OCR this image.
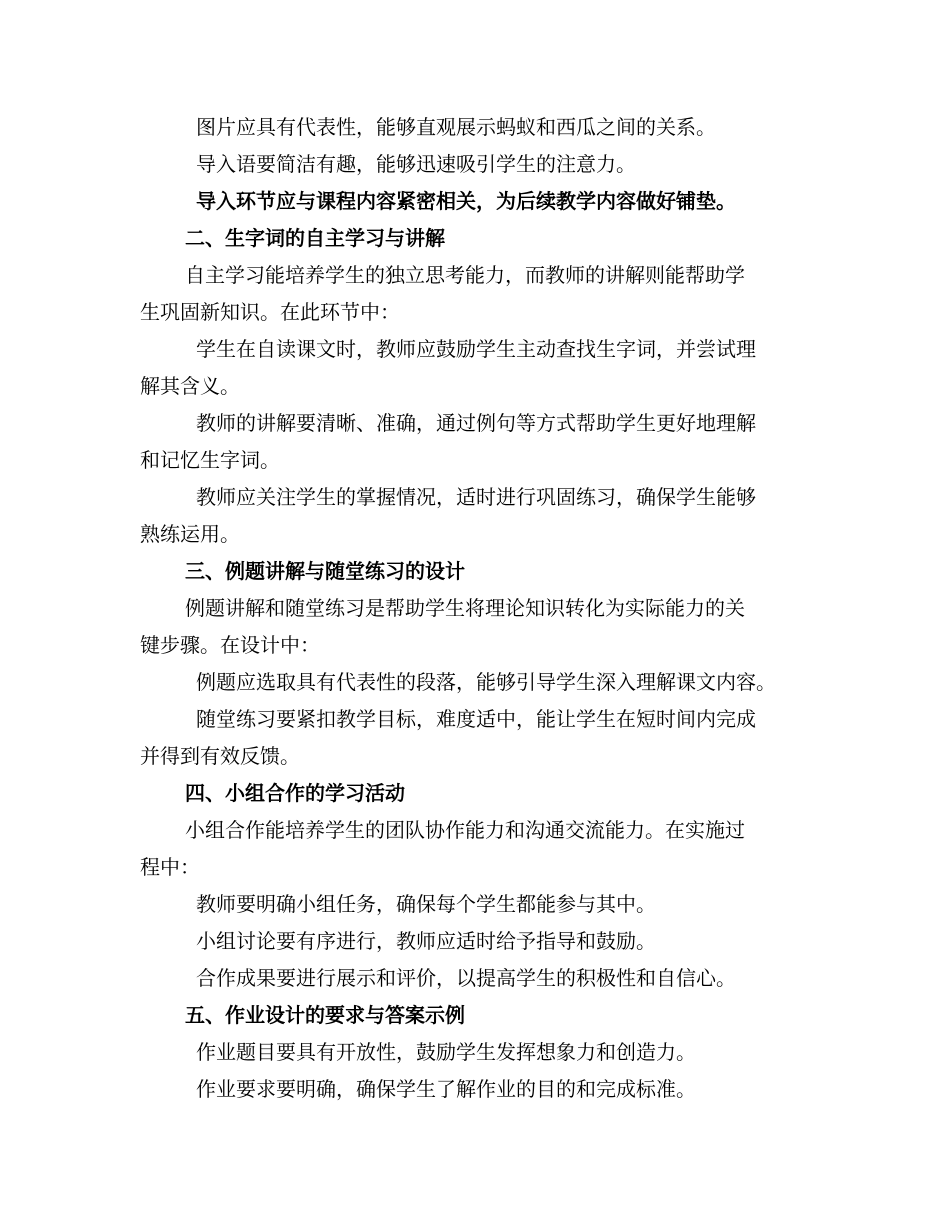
图片应具有代表性，能够直观展示蚂蚁和西瓜之间的关系。
导入语要简洁有趣，能够迅速吸引学生的注意力。
导入环节应与课程内容紧密相关，为后续教学内容做好铺垫。
二、生字词的自主学习与讲解
自主学习能培养学生的独立思考能力，而教师的讲解则能帮助学
生巩固新知识。在此环节中：
学生在自读课文时，教师应鼓励学生主动查找生字词，并尝试理
解其含义。
教师的讲解要清晰、准确，通过例句等方式帮助学生更好地理解
和记忆生字词。
教师应关注学生的掌握情况，适时进行巩固练习，确保学生能够
熟练运用。
三、例题讲解与随堂练习的设计
例题讲解和随堂练习是帮助学生将理论知识转化为实际能力的关
键步骤。在设计中：
例题应选取具有代表性的段落，能够引导学生深入理解课文内容。
随堂练习要紧扣教学目标，难度适中，能让学生在短时间内完成
并得到有效反馈。
四、小组合作的学习活动
小组合作能培养学生的团队协作能力和沟通交流能力。在实施过
程中：
教师要明确小组任务，确保每个学生都能参与其中。
小组讨论要有序进行，教师应适时给予指导和鼓励。
合作成果要进行展示和评价，以提高学生的积极性和自信心。
五、作业设计的要求与答案示例
作业题目要具有开放性，鼓励学生发挥想象力和创造力。
作业要求要明确，确保学生了解作业的目的和完成标准。
